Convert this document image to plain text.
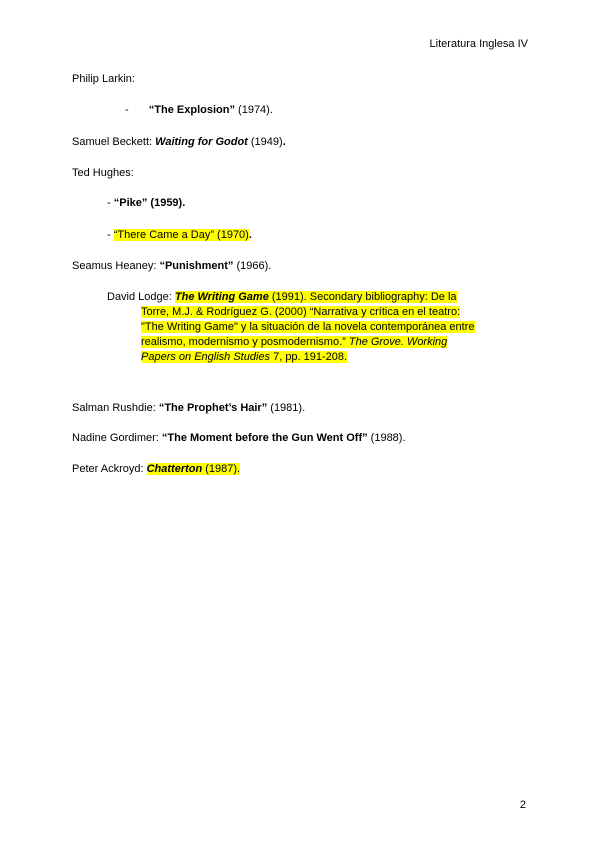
Literatura Inglesa IV
Philip Larkin:
- “The Explosion” (1974).
Samuel Beckett: Waiting for Godot (1949).
Ted Hughes:
- “Pike” (1959).
- “There Came a Day” (1970).
Seamus Heaney: “Punishment” (1966).
David Lodge: The Writing Game (1991). Secondary bibliography: De la
Torre, M.J. & Rodríguez G. (2000) “Narrativa y crítica en el teatro:
"The Writing Game" y la situación de la novela contemporánea entre
realismo, modernismo y posmodernismo.” The Grove. Working
Papers on English Studies 7, pp. 191-208.
Salman Rushdie: “The Prophet’s Hair” (1981).
Nadine Gordimer: “The Moment before the Gun Went Off” (1988).
Peter Ackroyd: Chatterton (1987).
2
